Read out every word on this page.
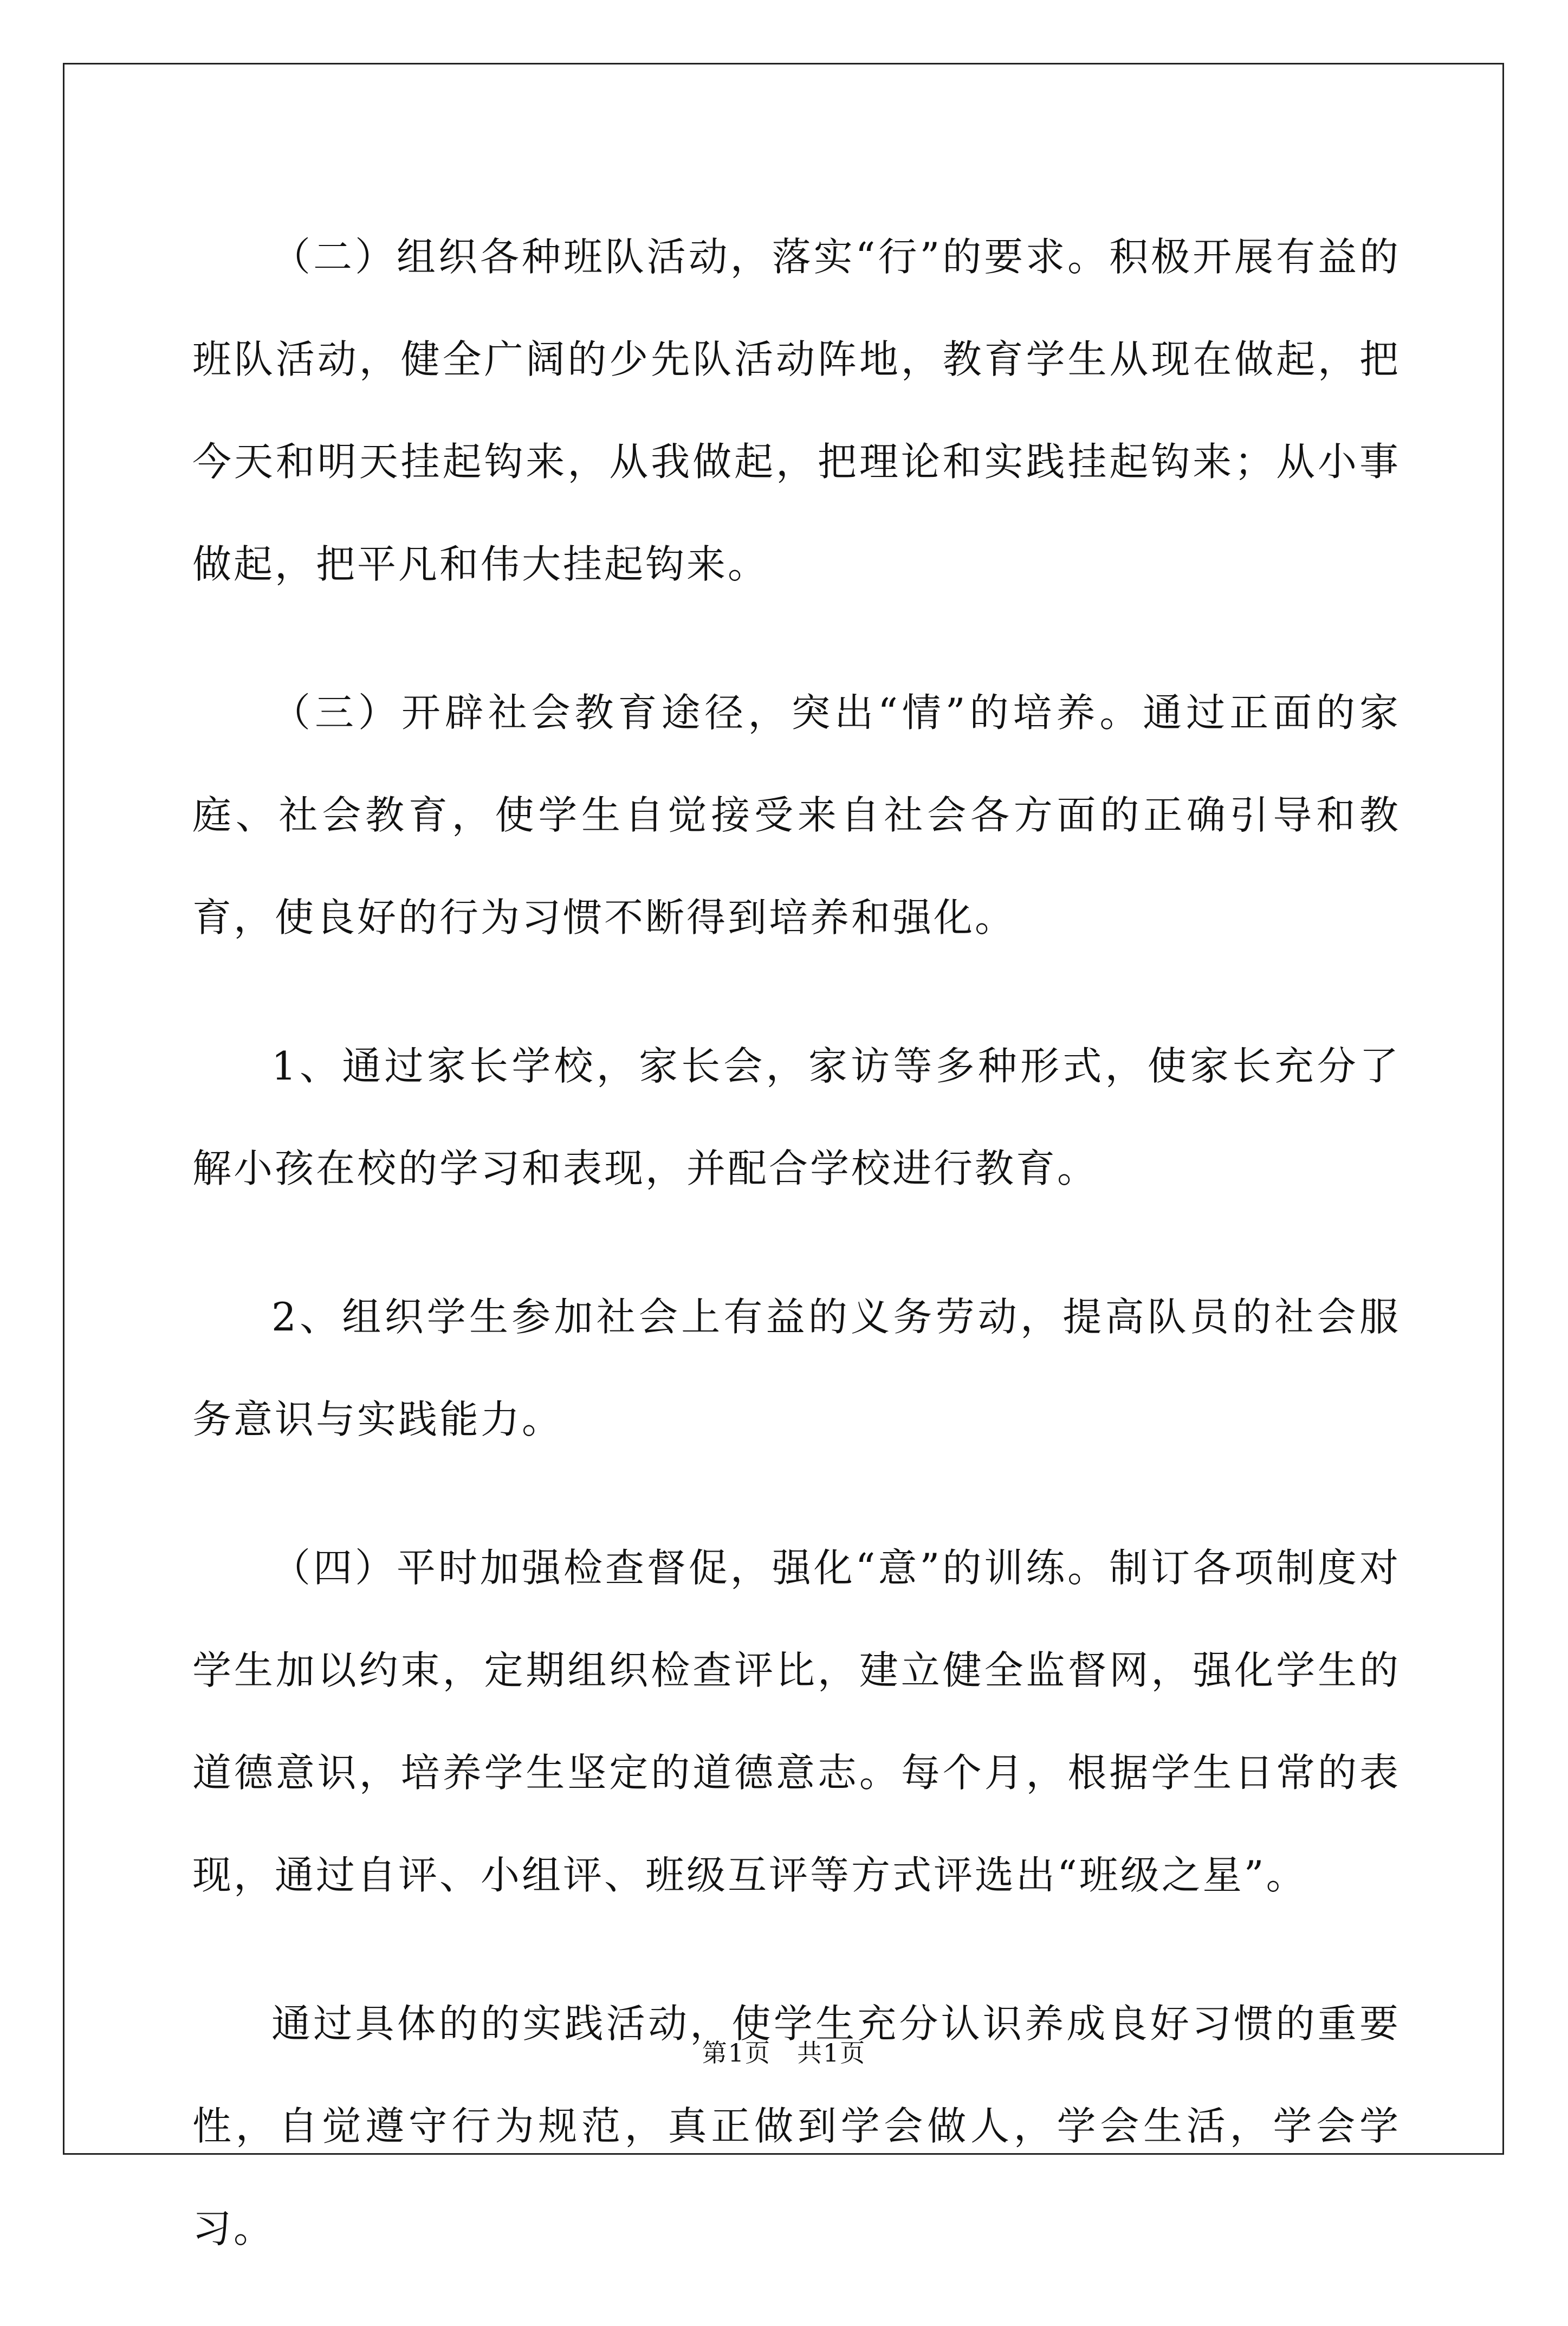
（二）组织各种班队活动，落实“行”的要求。积极开展有益的班队活动，健全广阔的少先队活动阵地，教育学生从现在做起，把今天和明天挂起钩来，从我做起，把理论和实践挂起钩来；从小事做起，把平凡和伟大挂起钩来。

（三）开辟社会教育途径，突出“情”的培养。通过正面的家庭、社会教育，使学生自觉接受来自社会各方面的正确引导和教育，使良好的行为习惯不断得到培养和强化。

1、通过家长学校，家长会，家访等多种形式，使家长充分了解小孩在校的学习和表现，并配合学校进行教育。

2、组织学生参加社会上有益的义务劳动，提高队员的社会服务意识与实践能力。

（四）平时加强检查督促，强化“意”的训练。制订各项制度对学生加以约束，定期组织检查评比，建立健全监督网，强化学生的道德意识，培养学生坚定的道德意志。每个月，根据学生日常的表现，通过自评、小组评、班级互评等方式评选出“班级之星”。

通过具体的的实践活动，使学生充分认识养成良好习惯的重要性，自觉遵守行为规范，真正做到学会做人，学会生活，学会学习。

第1页　共1页
